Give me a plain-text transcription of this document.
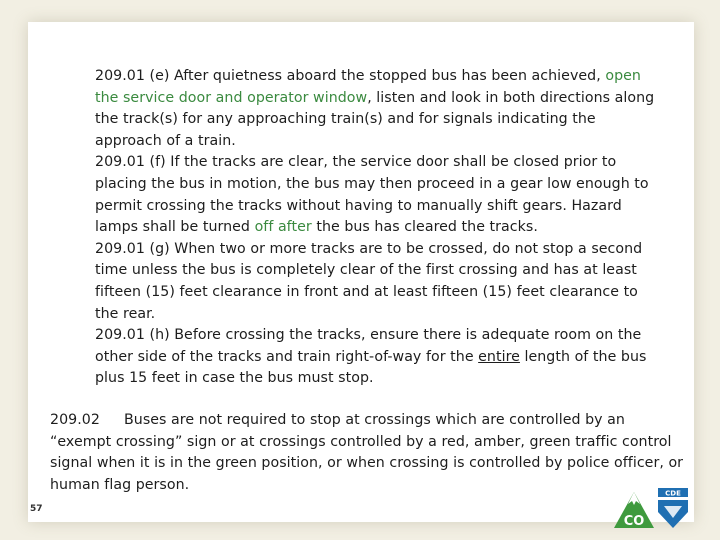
209.01 (e) After quietness aboard the stopped bus has been achieved, open the service door and operator window, listen and look in both directions along the track(s) for any approaching train(s) and for signals indicating the approach of a train.

209.01 (f) If the tracks are clear, the service door shall be closed prior to placing the bus in motion, the bus may then proceed in a gear low enough to permit crossing the tracks without having to manually shift gears. Hazard lamps shall be turned off after the bus has cleared the tracks.

209.01 (g) When two or more tracks are to be crossed, do not stop a second time unless the bus is completely clear of the first crossing and has at least fifteen (15) feet clearance in front and at least fifteen (15) feet clearance to the rear.

209.01 (h) Before crossing the tracks, ensure there is adequate room on the other side of the tracks and train right-of-way for the entire length of the bus plus 15 feet in case the bus must stop.

209.02 Buses are not required to stop at crossings which are controlled by an “exempt crossing” sign or at crossings controlled by a red, amber, green traffic control signal when it is in the green position, or when crossing is controlled by police officer, or human flag person.
57
CDE
CO
